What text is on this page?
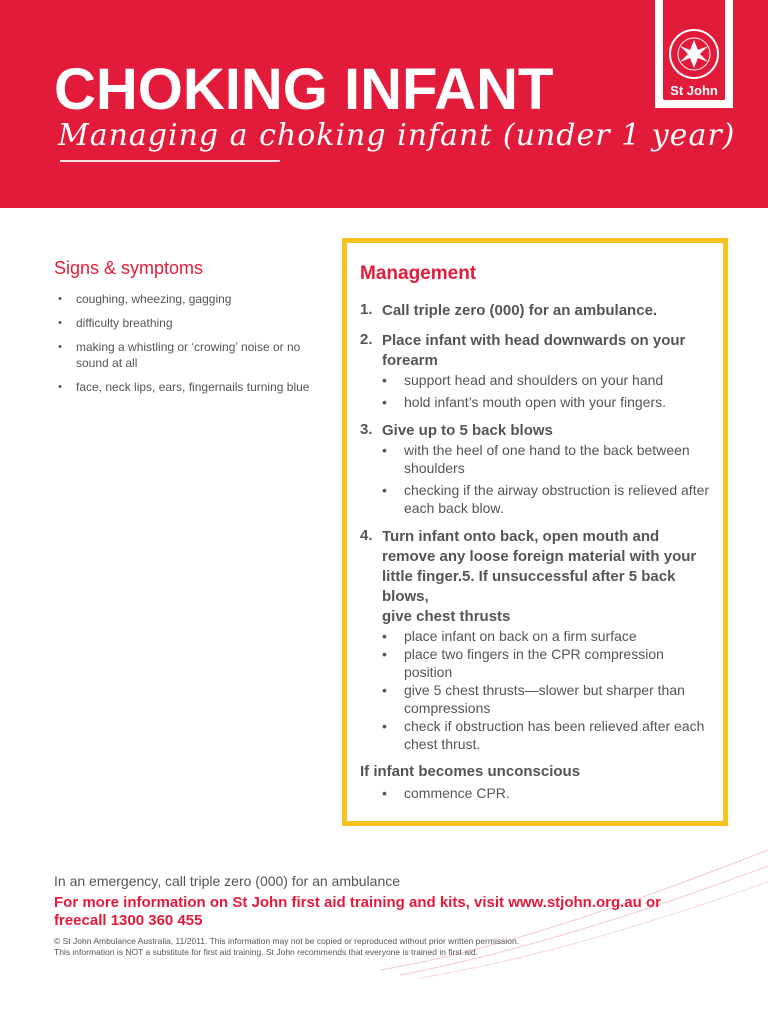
CHOKING INFANT
Managing a choking infant (under 1 year)
St John
Signs & symptoms
• coughing, wheezing, gagging
• difficulty breathing
• making a whistling or ‘crowing’ noise or no sound at all
• face, neck lips, ears, fingernails turning blue
Management
1. Call triple zero (000) for an ambulance.
2. Place infant with head downwards on your forearm
• support head and shoulders on your hand
• hold infant’s mouth open with your fingers.
3. Give up to 5 back blows
• with the heel of one hand to the back between shoulders
• checking if the airway obstruction is relieved after each back blow.
4. Turn infant onto back, open mouth and remove any loose foreign material with your little finger.5. If unsuccessful after 5 back blows,
give chest thrusts
• place infant on back on a firm surface
• place two fingers in the CPR compression position
• give 5 chest thrusts—slower but sharper than compressions
• check if obstruction has been relieved after each chest thrust.
If infant becomes unconscious
• commence CPR.
In an emergency, call triple zero (000) for an ambulance
For more information on St John first aid training and kits, visit www.stjohn.org.au or freecall 1300 360 455
© St John Ambulance Australia, 11/2011. This information may not be copied or reproduced without prior written permission.
This information is NOT a substitute for first aid training. St John recommends that everyone is trained in first aid.
